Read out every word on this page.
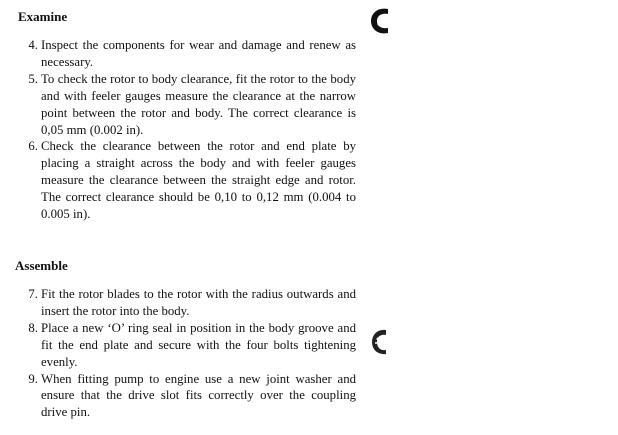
Examine
4. Inspect the components for wear and damage and renew as necessary.
5. To check the rotor to body clearance, fit the rotor to the body and with feeler gauges measure the clearance at the narrow point between the rotor and body. The correct clearance is 0,05 mm (0.002 in).
6. Check the clearance between the rotor and end plate by placing a straight across the body and with feeler gauges measure the clearance between the straight edge and rotor. The correct clearance should be 0,10 to 0,12 mm (0.004 to 0.005 in).
Assemble
7. Fit the rotor blades to the rotor with the radius outwards and insert the rotor into the body.
8. Place a new ‘O’ ring seal in position in the body groove and fit the end plate and secure with the four bolts tightening evenly.
9. When fitting pump to engine use a new joint washer and ensure that the drive slot fits correctly over the coupling drive pin.
